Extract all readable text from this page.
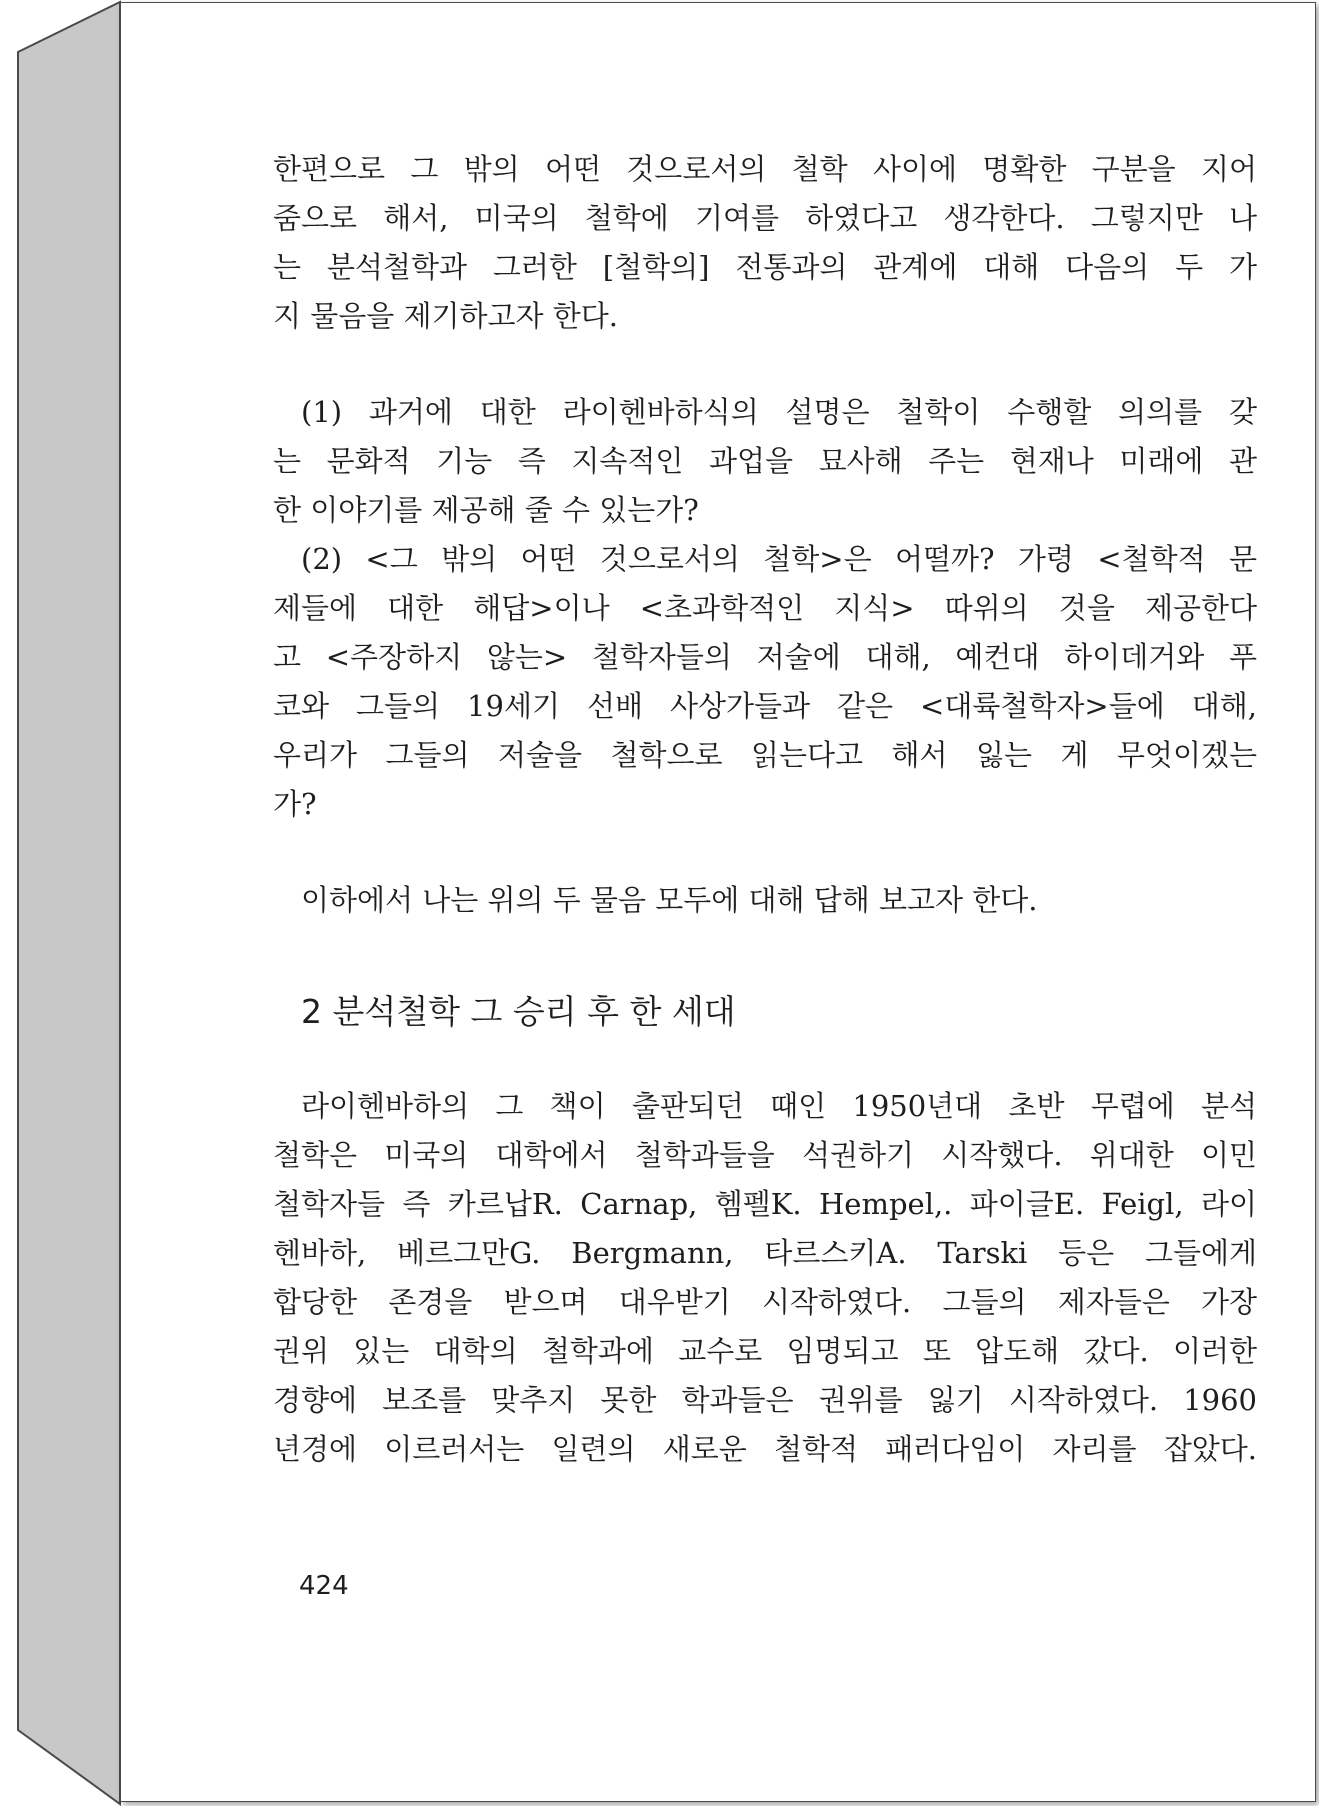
한편으로 그 밖의 어떤 것으로서의 철학 사이에 명확한 구분을 지어
줌으로 해서, 미국의 철학에 기여를 하였다고 생각한다. 그렇지만 나
는 분석철학과 그러한 [철학의] 전통과의 관계에 대해 다음의 두 가
지 물음을 제기하고자 한다.
(1) 과거에 대한 라이헨바하식의 설명은 철학이 수행할 의의를 갖
는 문화적 기능 즉 지속적인 과업을 묘사해 주는 현재나 미래에 관
한 이야기를 제공해 줄 수 있는가?
(2) <그 밖의 어떤 것으로서의 철학>은 어떨까? 가령 <철학적 문
제들에 대한 해답>이나 <초과학적인 지식> 따위의 것을 제공한다
고 <주장하지 않는> 철학자들의 저술에 대해, 예컨대 하이데거와 푸
코와 그들의 19세기 선배 사상가들과 같은 <대륙철학자>들에 대해,
우리가 그들의 저술을 철학으로 읽는다고 해서 잃는 게 무엇이겠는
가?
이하에서 나는 위의 두 물음 모두에 대해 답해 보고자 한다.
2 분석철학 그 승리 후 한 세대
라이헨바하의 그 책이 출판되던 때인 1950년대 초반 무렵에 분석
철학은 미국의 대학에서 철학과들을 석권하기 시작했다. 위대한 이민
철학자들 즉 카르납R. Carnap, 헴펠K. Hempel,. 파이글E. Feigl, 라이
헨바하, 베르그만G. Bergmann, 타르스키A. Tarski 등은 그들에게
합당한 존경을 받으며 대우받기 시작하였다. 그들의 제자들은 가장
권위 있는 대학의 철학과에 교수로 임명되고 또 압도해 갔다. 이러한
경향에 보조를 맞추지 못한 학과들은 권위를 잃기 시작하였다. 1960
년경에 이르러서는 일련의 새로운 철학적 패러다임이 자리를 잡았다.
424
